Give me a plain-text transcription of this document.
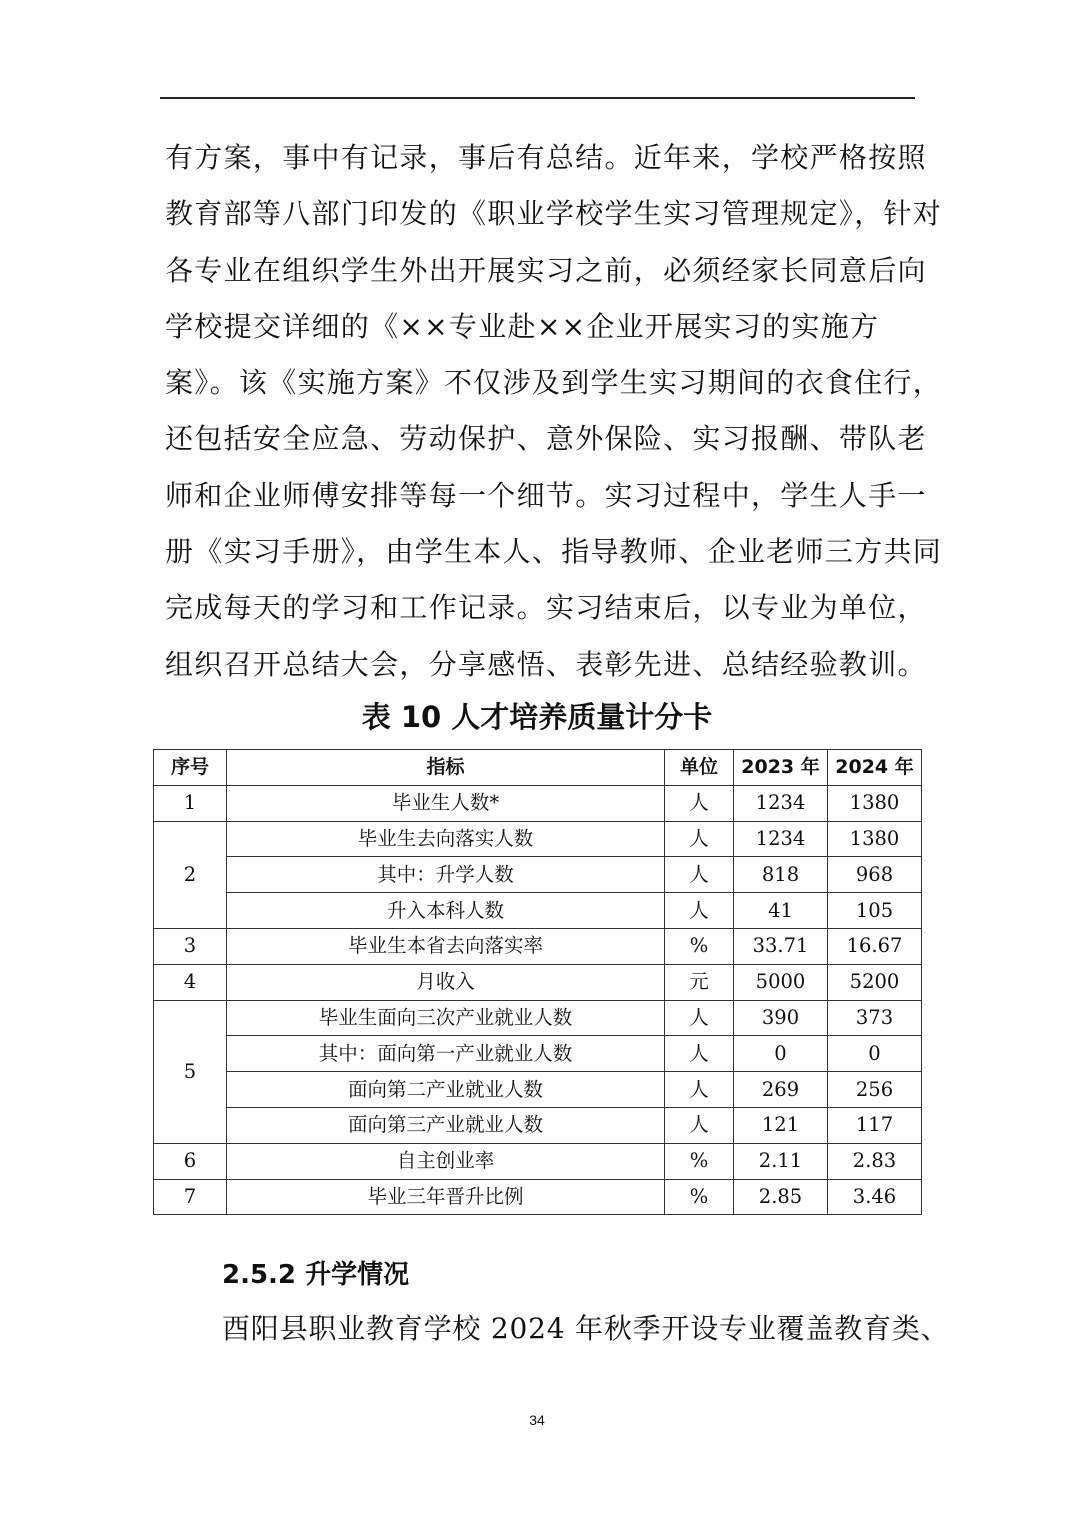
有方案，事中有记录，事后有总结。近年来，学校严格按照
教育部等八部门印发的《职业学校学生实习管理规定》，针对
各专业在组织学生外出开展实习之前，必须经家长同意后向
学校提交详细的《××专业赴××企业开展实习的实施方
案》。该《实施方案》不仅涉及到学生实习期间的衣食住行，
还包括安全应急、劳动保护、意外保险、实习报酬、带队老
师和企业师傅安排等每一个细节。实习过程中，学生人手一
册《实习手册》，由学生本人、指导教师、企业老师三方共同
完成每天的学习和工作记录。实习结束后，以专业为单位，
组织召开总结大会，分享感悟、表彰先进、总结经验教训。
表 10 人才培养质量计分卡
序号	指标	单位	2023 年	2024 年
1	毕业生人数*	人	1234	1380
2	毕业生去向落实人数	人	1234	1380
	其中：升学人数	人	818	968
	升入本科人数	人	41	105
3	毕业生本省去向落实率	%	33.71	16.67
4	月收入	元	5000	5200
5	毕业生面向三次产业就业人数	人	390	373
	其中：面向第一产业就业人数	人	0	0
	面向第二产业就业人数	人	269	256
	面向第三产业就业人数	人	121	117
6	自主创业率	%	2.11	2.83
7	毕业三年晋升比例	%	2.85	3.46
2.5.2 升学情况
酉阳县职业教育学校 2024 年秋季开设专业覆盖教育类、
34
